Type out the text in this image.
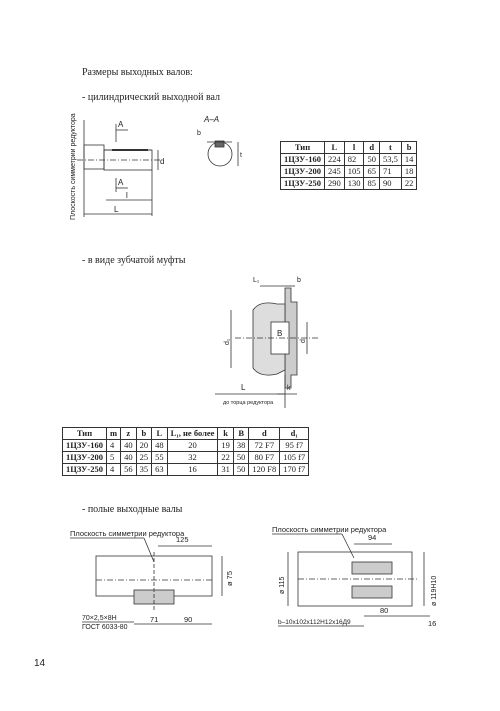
Размеры выходных валов:
- цилиндрический выходной вал
- в виде зубчатой муфты
- полые выходные валы
Плоскость симметрии редуктора	А
А
d
l
L
А–А
b
t
Тип	L	l	d	t	b
1ЦЗУ-160	224	82	50	53,5	14
1ЦЗУ-200	245	105	65	71	18
1ЦЗУ-250	290	130	85	90	22
L₁	b
B
d₁	d
L	k
до торца редуктора
Тип	m	z	b	L	L₁, не более	k	B	d	d₁
1ЦЗУ-160	4	40	20	48	20	19	38	72 F7	95 f7
1ЦЗУ-200	5	40	25	55	32	22	50	80 F7	105 f7
1ЦЗУ-250	4	56	35	63	16	31	50	120 F8	170 f7
Плоскость симметрии редуктора
125
ø 75
70×2,5×8Н
ГОСТ 6033-80
71	90
Плоскость симметрии редуктора
94
ø 115	ø 119Н10
b–10x102x112Н12x16Д9
80
16
14
